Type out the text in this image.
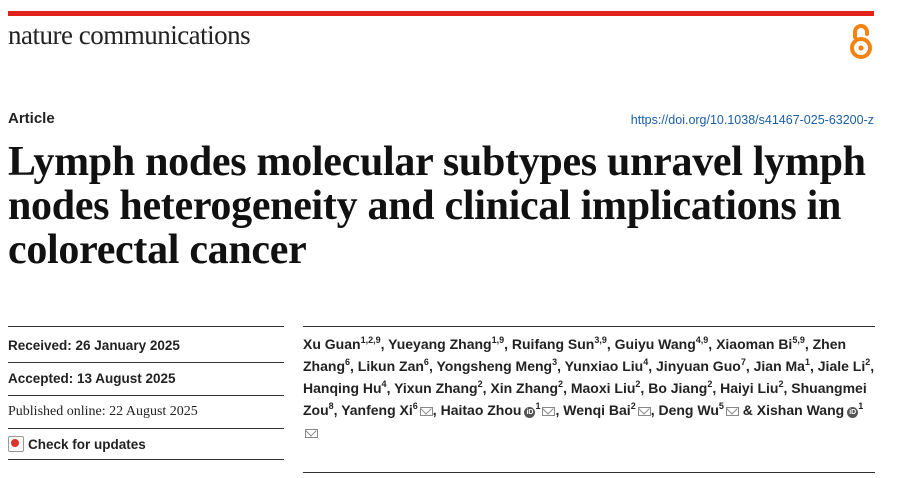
nature communications
Article	https://doi.org/10.1038/s41467-025-63200-z
Lymph nodes molecular subtypes unravel lymph nodes heterogeneity and clinical implications in colorectal cancer
Received: 26 January 2025
Accepted: 13 August 2025
Published online: 22 August 2025
Check for updates
Xu Guan$^{1,2,9}$, Yueyang Zhang$^{1,9}$, Ruifang Sun$^{3,9}$, Guiyu Wang$^{4,9}$, Xiaoman Bi$^{5,9}$, Zhen Zhang$^6$, Likun Zan$^6$, Yongsheng Meng$^3$, Yunxiao Liu$^4$, Jinyuan Guo$^7$, Jian Ma$^1$, Jiale Li$^2$, Hanqing Hu$^4$, Yixun Zhang$^2$, Xin Zhang$^2$, Maoxi Liu$^2$, Bo Jiang$^2$, Haiyi Liu$^2$, Shuangmei Zou$^8$, Yanfeng Xi$^6$ , Haitao Zhou $iD^1$ , Wenqi Bai$^2$ , Deng Wu$^5$ & Xishan Wang $iD^1$
